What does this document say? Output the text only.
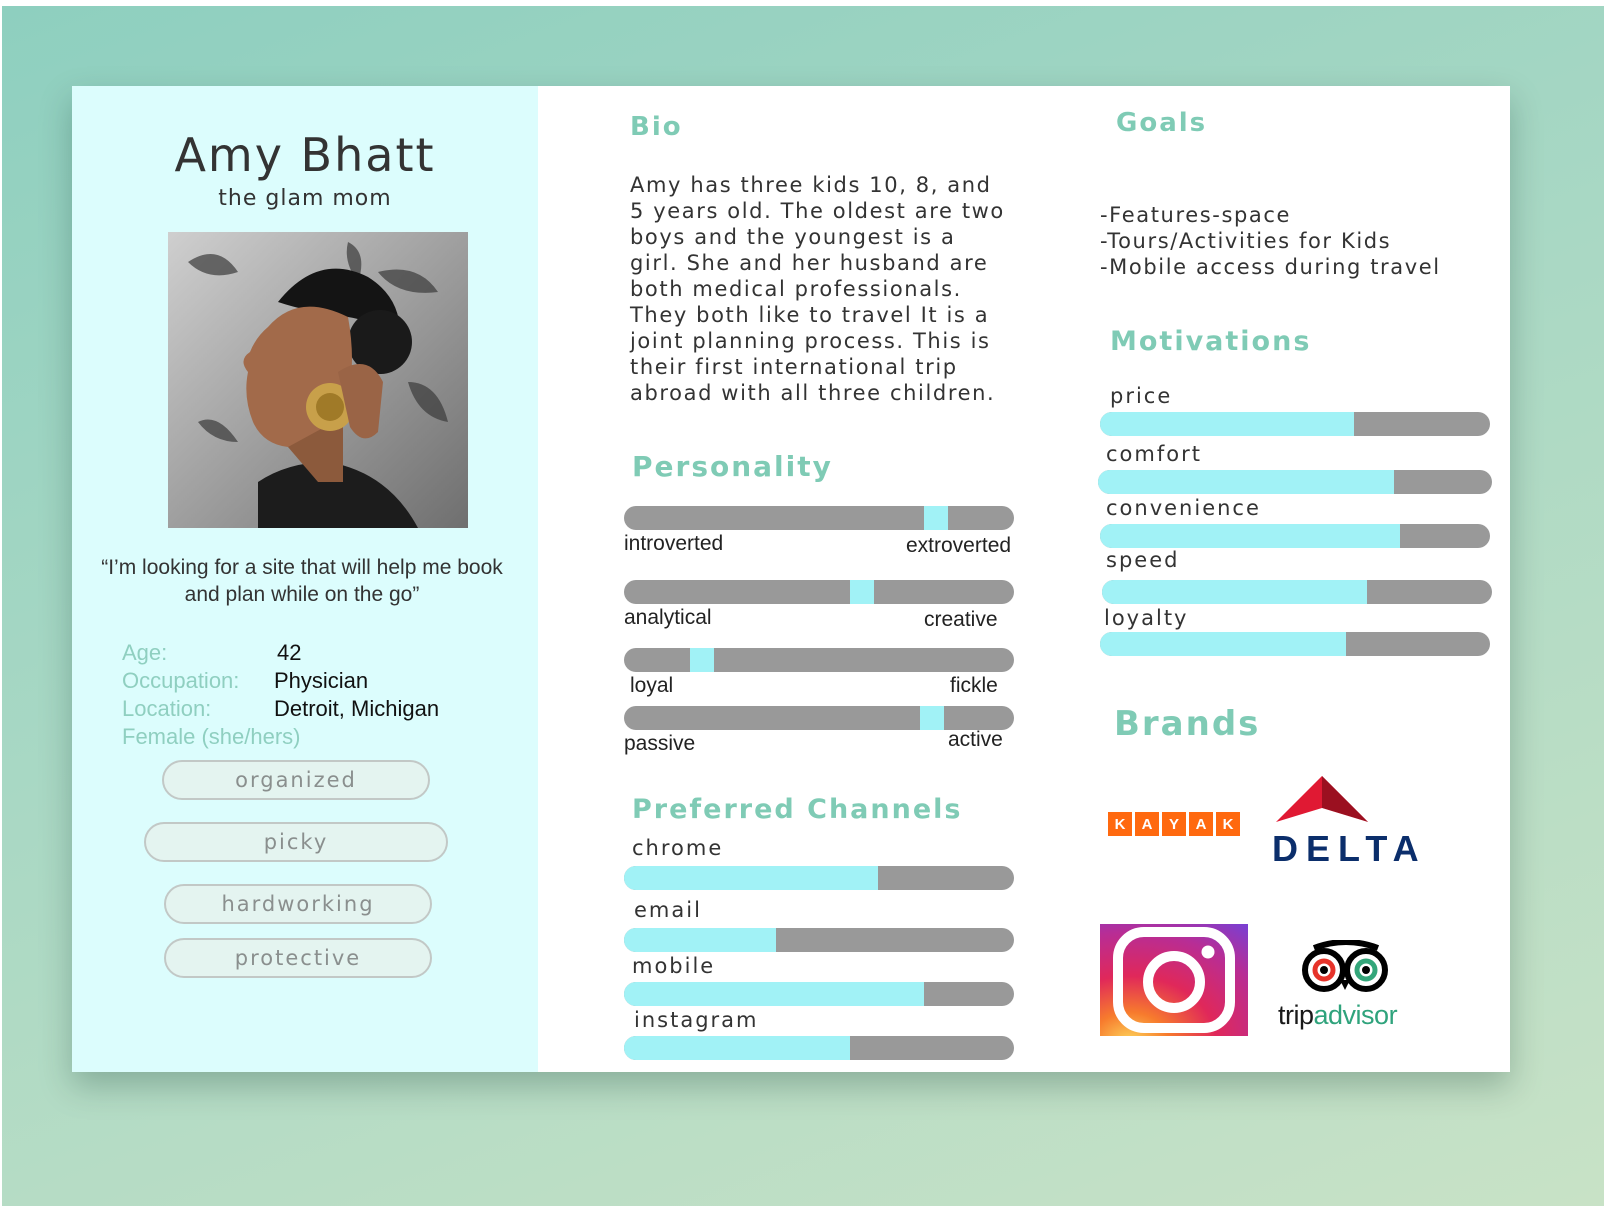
Amy Bhatt
the glam mom
“I’m looking for a site that will help me book and plan while on the go”
Age:	42
Occupation: Physician
Location:	Detroit, Michigan
Female (she/hers)
organized
picky
hardworking
protective
Bio
Amy has three kids 10, 8, and 5 years old. The oldest are two boys and the youngest is a girl. She and her husband are both medical professionals. They both like to travel It is a joint planning process. This is their first international trip abroad with all three children.
Personality
introverted	extroverted
analytical	creative
loyal	fickle
passive	active
Preferred Channels
chrome
email
mobile
instagram
Goals
-Features-space
-Tours/Activities for Kids
-Mobile access during travel
Motivations
price
comfort
convenience
speed
loyalty
Brands
K	A	Y	A	K
DELTA
tripadvisor
